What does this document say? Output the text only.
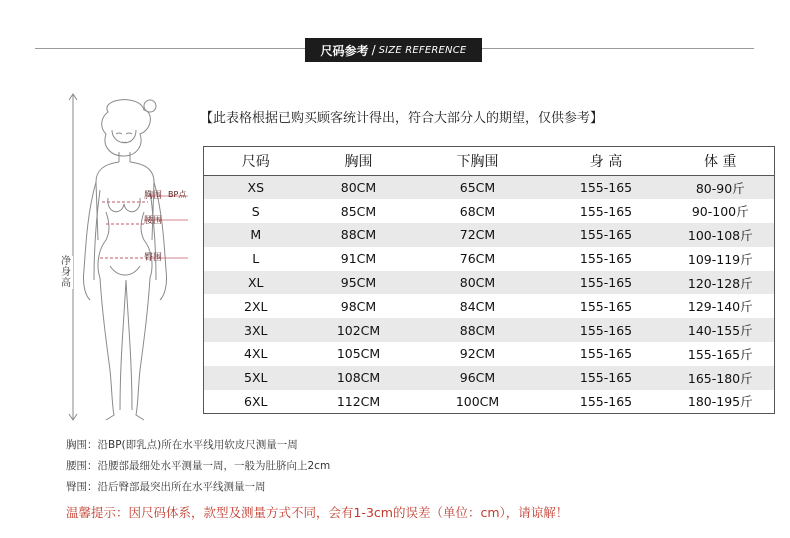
尺码参考 / SIZE REFERENCE
【此表格根据已购买顾客统计得出，符合大部分人的期望，仅供参考】
胸围 BP点
腰围
臀围
净身高
尺码	胸围	下胸围	身 高	体 重
XS	80CM	65CM	155-165	80-90斤
S	85CM	68CM	155-165	90-100斤
M	88CM	72CM	155-165	100-108斤
L	91CM	76CM	155-165	109-119斤
XL	95CM	80CM	155-165	120-128斤
2XL	98CM	84CM	155-165	129-140斤
3XL	102CM	88CM	155-165	140-155斤
4XL	105CM	92CM	155-165	155-165斤
5XL	108CM	96CM	155-165	165-180斤
6XL	112CM	100CM	155-165	180-195斤
胸围：沿BP(即乳点)所在水平线用软皮尺测量一周
腰围：沿腰部最细处水平测量一周，一般为肚脐向上2cm
臀围：沿后臀部最突出所在水平线测量一周
温馨提示：因尺码体系，款型及测量方式不同，会有1-3cm的误差（单位：cm），请谅解！
